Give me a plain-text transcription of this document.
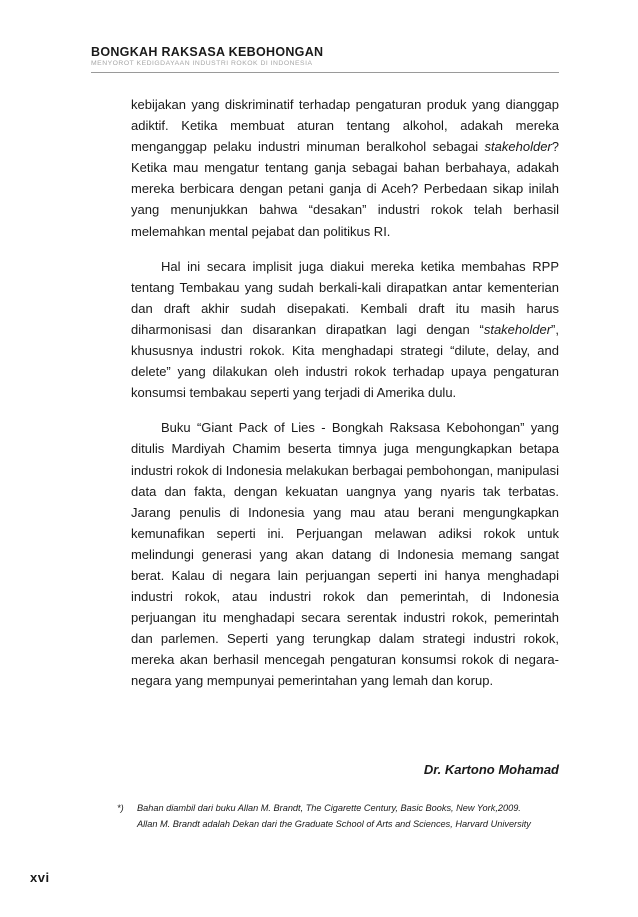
BONGKAH RAKSASA KEBOHONGAN
MENYOROT KEDIGDAYAAN INDUSTRI ROKOK DI INDONESIA

kebijakan yang diskriminatif terhadap pengaturan produk yang dianggap adiktif. Ketika membuat aturan tentang alkohol, adakah mereka menganggap pelaku industri minuman beralkohol sebagai stakeholder? Ketika mau mengatur tentang ganja sebagai bahan berbahaya, adakah mereka berbicara dengan petani ganja di Aceh? Perbedaan sikap inilah yang menunjukkan bahwa “desakan” industri rokok telah berhasil melemahkan mental pejabat dan politikus RI.

Hal ini secara implisit juga diakui mereka ketika membahas RPP tentang Tembakau yang sudah berkali-kali dirapatkan antar kementerian dan draft akhir sudah disepakati. Kembali draft itu masih harus diharmonisasi dan disarankan dirapatkan lagi dengan “stakeholder”, khususnya industri rokok. Kita menghadapi strategi “dilute, delay, and delete” yang dilakukan oleh industri rokok terhadap upaya pengaturan konsumsi tembakau seperti yang terjadi di Amerika dulu.

Buku “Giant Pack of Lies - Bongkah Raksasa Kebohongan” yang ditulis Mardiyah Chamim beserta timnya juga mengungkapkan betapa industri rokok di Indonesia melakukan berbagai pembohongan, manipulasi data dan fakta, dengan kekuatan uangnya yang nyaris tak terbatas. Jarang penulis di Indonesia yang mau atau berani mengungkapkan kemunafikan seperti ini. Perjuangan melawan adiksi rokok untuk melindungi generasi yang akan datang di Indonesia memang sangat berat. Kalau di negara lain perjuangan seperti ini hanya menghadapi industri rokok, atau industri rokok dan pemerintah, di Indonesia perjuangan itu menghadapi secara serentak industri rokok, pemerintah dan parlemen. Seperti yang terungkap dalam strategi industri rokok, mereka akan berhasil mencegah pengaturan konsumsi rokok di negara-negara yang mempunyai pemerintahan yang lemah dan korup.

Dr. Kartono Mohamad
*) Bahan diambil dari buku Allan M. Brandt, The Cigarette Century, Basic Books, New York,2009.
Allan M. Brandt adalah Dekan dari the Graduate School of Arts and Sciences, Harvard University
xvi
